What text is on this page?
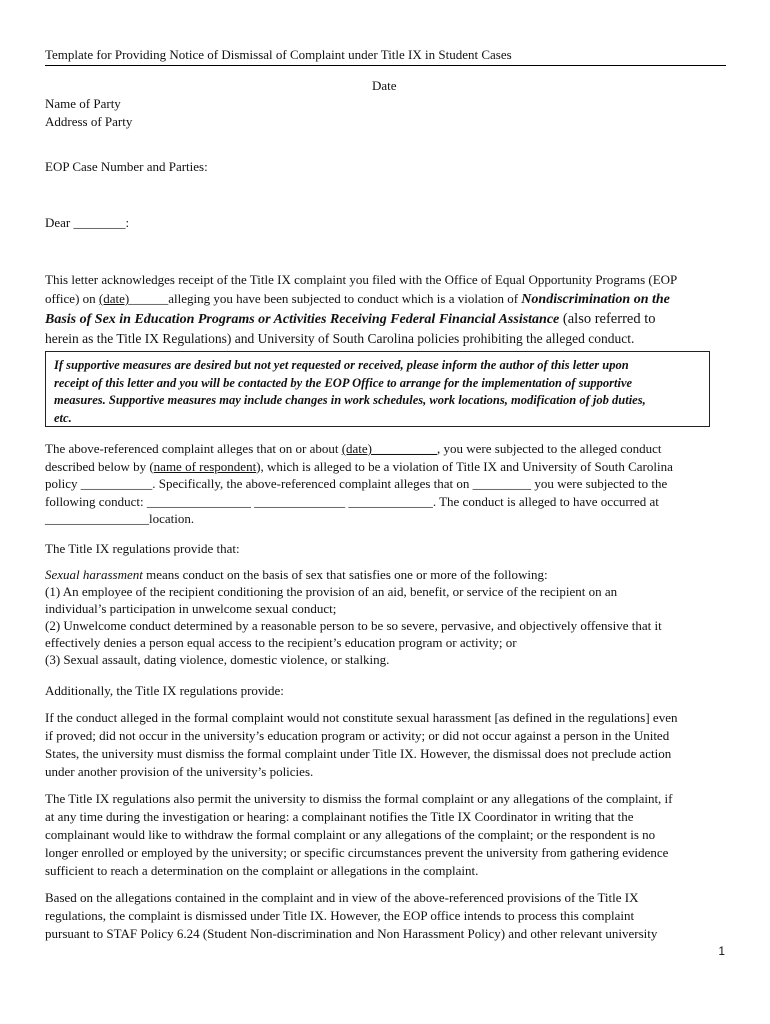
Template for Providing Notice of Dismissal of Complaint under Title IX in Student Cases
Date
Name of Party
Address of Party
EOP Case Number and Parties:
Dear ________:
This letter acknowledges receipt of the Title IX complaint you filed with the Office of Equal Opportunity Programs (EOP
office) on (date)______alleging you have been subjected to conduct which is a violation of Nondiscrimination on the
Basis of Sex in Education Programs or Activities Receiving Federal Financial Assistance (also referred to
herein as the Title IX Regulations) and University of South Carolina policies prohibiting the alleged conduct.
If supportive measures are desired but not yet requested or received, please inform the author of this letter upon
receipt of this letter and you will be contacted by the EOP Office to arrange for the implementation of supportive
measures. Supportive measures may include changes in work schedules, work locations, modification of job duties,
etc.
The above-referenced complaint alleges that on or about (date)__________, you were subjected to the alleged conduct
described below by (name of respondent), which is alleged to be a violation of Title IX and University of South Carolina
policy ___________. Specifically, the above-referenced complaint alleges that on _________ you were subjected to the
following conduct: ________________ ______________ _____________. The conduct is alleged to have occurred at
________________location.
The Title IX regulations provide that:
Sexual harassment means conduct on the basis of sex that satisfies one or more of the following:
(1) An employee of the recipient conditioning the provision of an aid, benefit, or service of the recipient on an
individual’s participation in unwelcome sexual conduct;
(2) Unwelcome conduct determined by a reasonable person to be so severe, pervasive, and objectively offensive that it
effectively denies a person equal access to the recipient’s education program or activity; or
(3) Sexual assault, dating violence, domestic violence, or stalking.
Additionally, the Title IX regulations provide:
If the conduct alleged in the formal complaint would not constitute sexual harassment [as defined in the regulations] even
if proved; did not occur in the university’s education program or activity; or did not occur against a person in the United
States, the university must dismiss the formal complaint under Title IX. However, the dismissal does not preclude action
under another provision of the university’s policies.
The Title IX regulations also permit the university to dismiss the formal complaint or any allegations of the complaint, if
at any time during the investigation or hearing: a complainant notifies the Title IX Coordinator in writing that the
complainant would like to withdraw the formal complaint or any allegations of the complaint; or the respondent is no
longer enrolled or employed by the university; or specific circumstances prevent the university from gathering evidence
sufficient to reach a determination on the complaint or allegations in the complaint.
Based on the allegations contained in the complaint and in view of the above-referenced provisions of the Title IX
regulations, the complaint is dismissed under Title IX. However, the EOP office intends to process this complaint
pursuant to STAF Policy 6.24 (Student Non-discrimination and Non Harassment Policy) and other relevant university
1
